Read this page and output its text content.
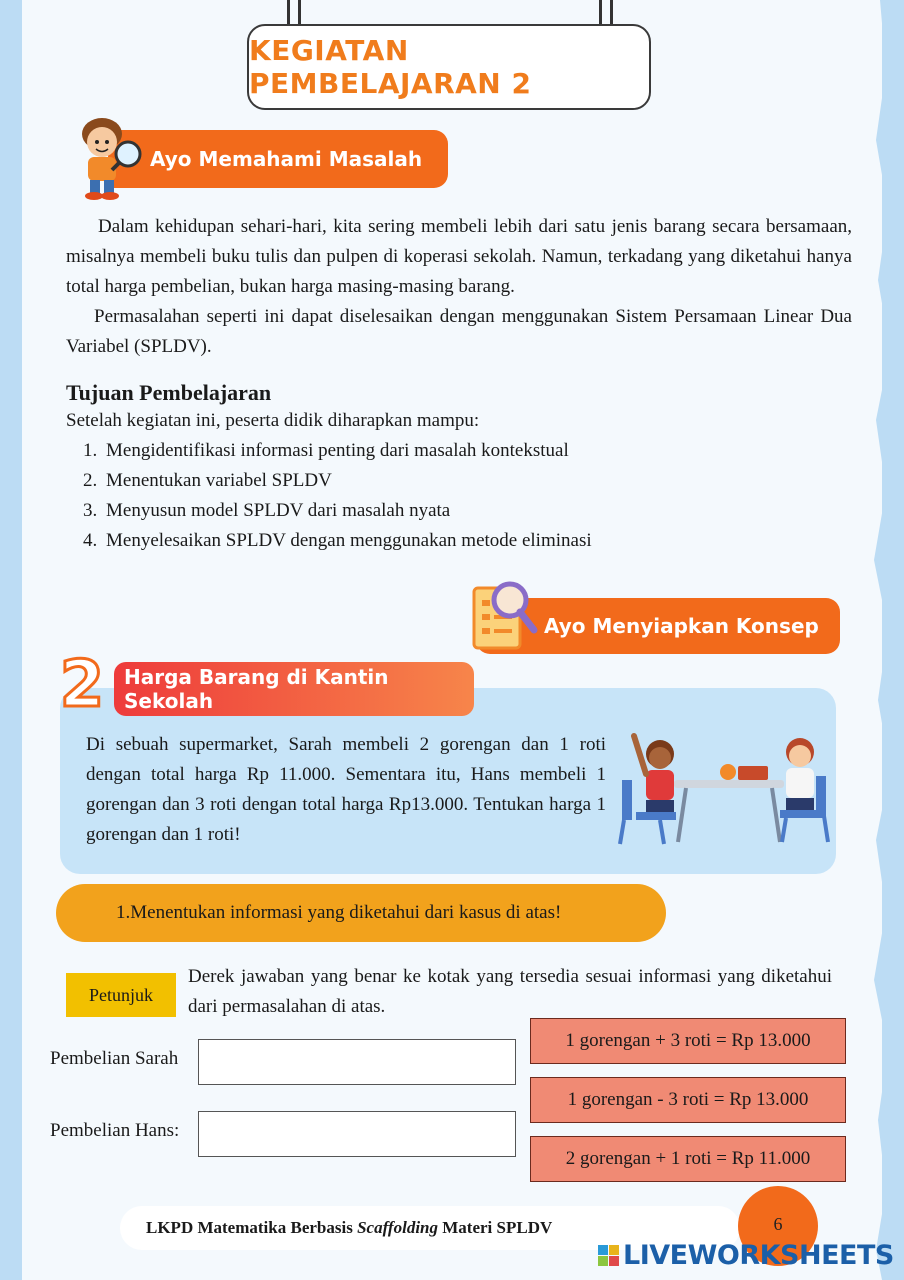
KEGIATAN PEMBELAJARAN 2
Ayo Memahami Masalah

Dalam kehidupan sehari-hari, kita sering membeli lebih dari satu jenis barang secara bersamaan, misalnya membeli buku tulis dan pulpen di koperasi sekolah. Namun, terkadang yang diketahui hanya total harga pembelian, bukan harga masing-masing barang.

Permasalahan seperti ini dapat diselesaikan dengan menggunakan Sistem Persamaan Linear Dua Variabel (SPLDV).

Tujuan Pembelajaran
Setelah kegiatan ini, peserta didik diharapkan mampu:
1. Mengidentifikasi informasi penting dari masalah kontekstual
2. Menentukan variabel SPLDV
3. Menyusun model SPLDV dari masalah nyata
4. Menyelesaikan SPLDV dengan menggunakan metode eliminasi
Ayo Menyiapkan Konsep
2 Harga Barang di Kantin Sekolah
Di sebuah supermarket, Sarah membeli 2 gorengan dan 1 roti dengan total harga Rp 11.000. Sementara itu, Hans membeli 1 gorengan dan 3 roti dengan total harga Rp13.000. Tentukan harga 1 gorengan dan 1 roti!
1.Menentukan informasi yang diketahui dari kasus di atas!
Petunjuk
Derek jawaban yang benar ke kotak yang tersedia sesuai informasi yang diketahui dari permasalahan di atas.
Pembelian Sarah
Pembelian Hans:
1 gorengan + 3 roti = Rp 13.000
1 gorengan - 3 roti = Rp 13.000
2 gorengan + 1 roti = Rp 11.000
LKPD Matematika Berbasis Scaffolding Materi SPLDV	6
LIVEWORKSHEETS
